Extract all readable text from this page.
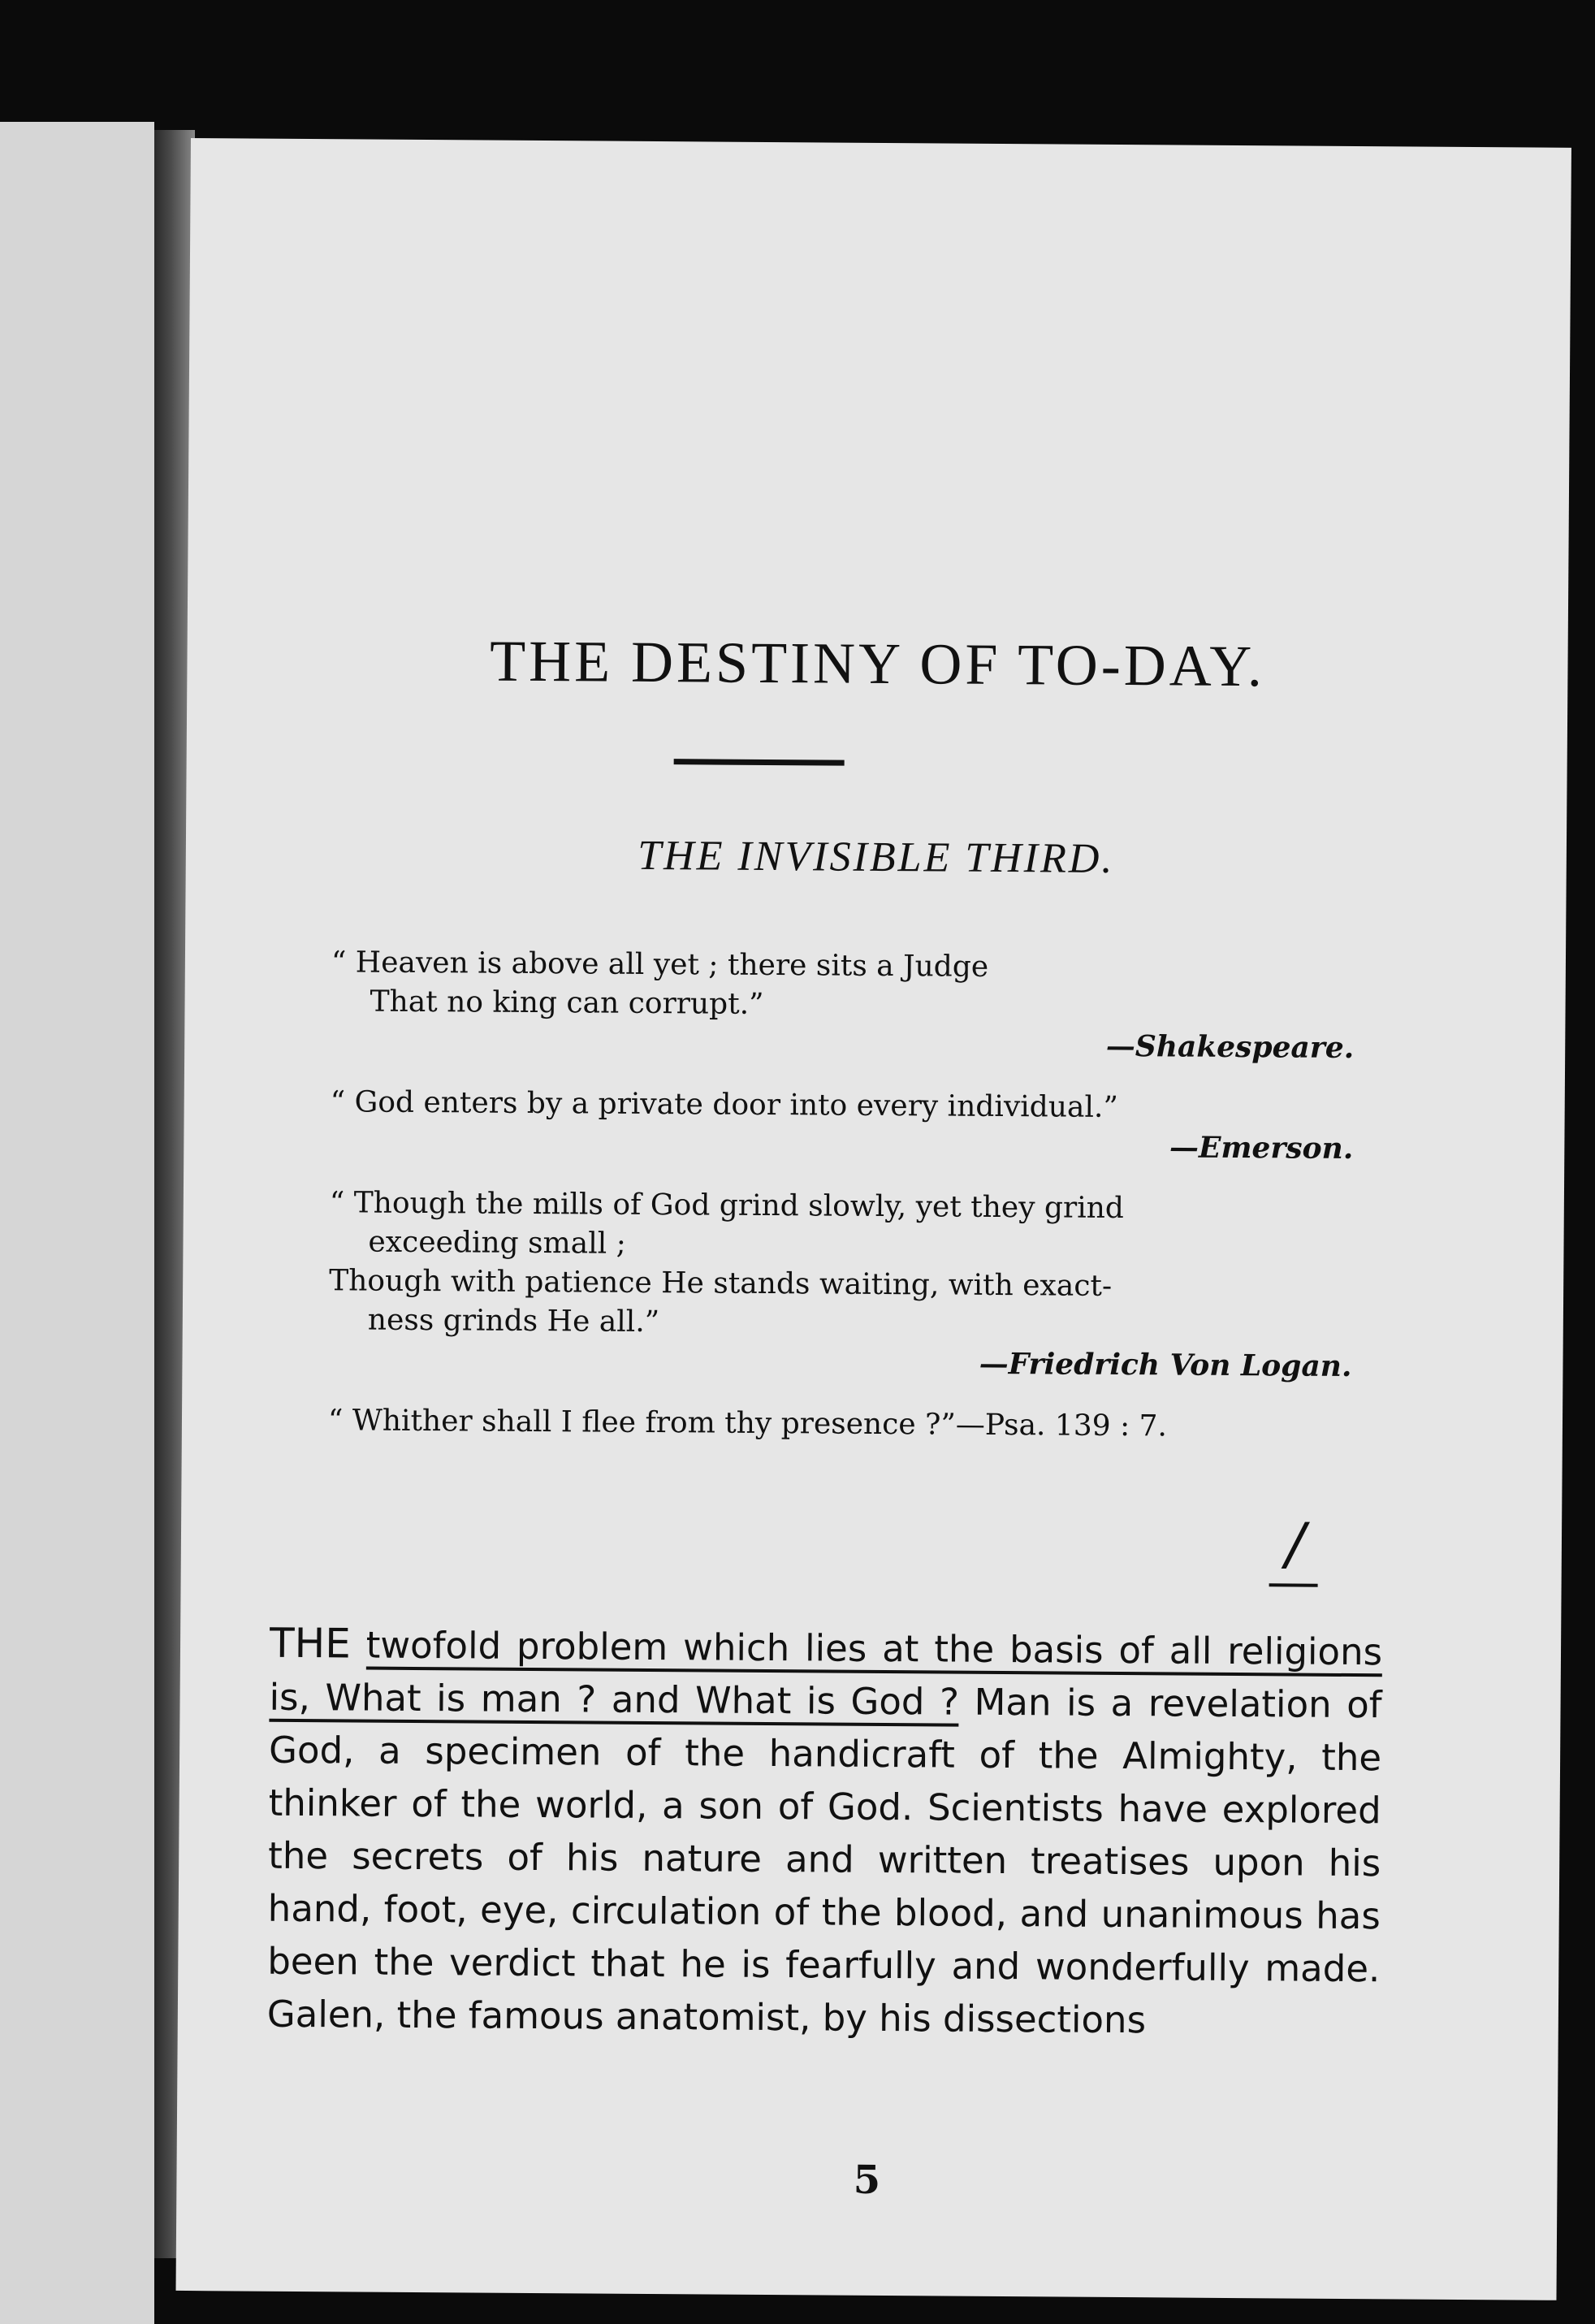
THE DESTINY OF TO-DAY.
THE INVISIBLE THIRD.
“ Heaven is above all yet ; there sits a Judge
That no king can corrupt.”
—Shakespeare.
“ God enters by a private door into every individual.”
—Emerson.
“ Though the mills of God grind slowly, yet they grind
exceeding small ;
Though with patience He stands waiting, with exact-
ness grinds He all.”
—Friedrich Von Logan.
“ Whither shall I flee from thy presence ?”—Psa. 139 : 7.
THE twofold problem which lies at the basis of all religions is, What is man ? and What is God ? Man is a revelation of God, a specimen of the handicraft of the Almighty, the thinker of the world, a son of God. Scientists have explored the secrets of his nature and written treatises upon his hand, foot, eye, circulation of the blood, and unanimous has been the verdict that he is fearfully and wonderfully made. Galen, the famous anatomist, by his dissections
/
5
